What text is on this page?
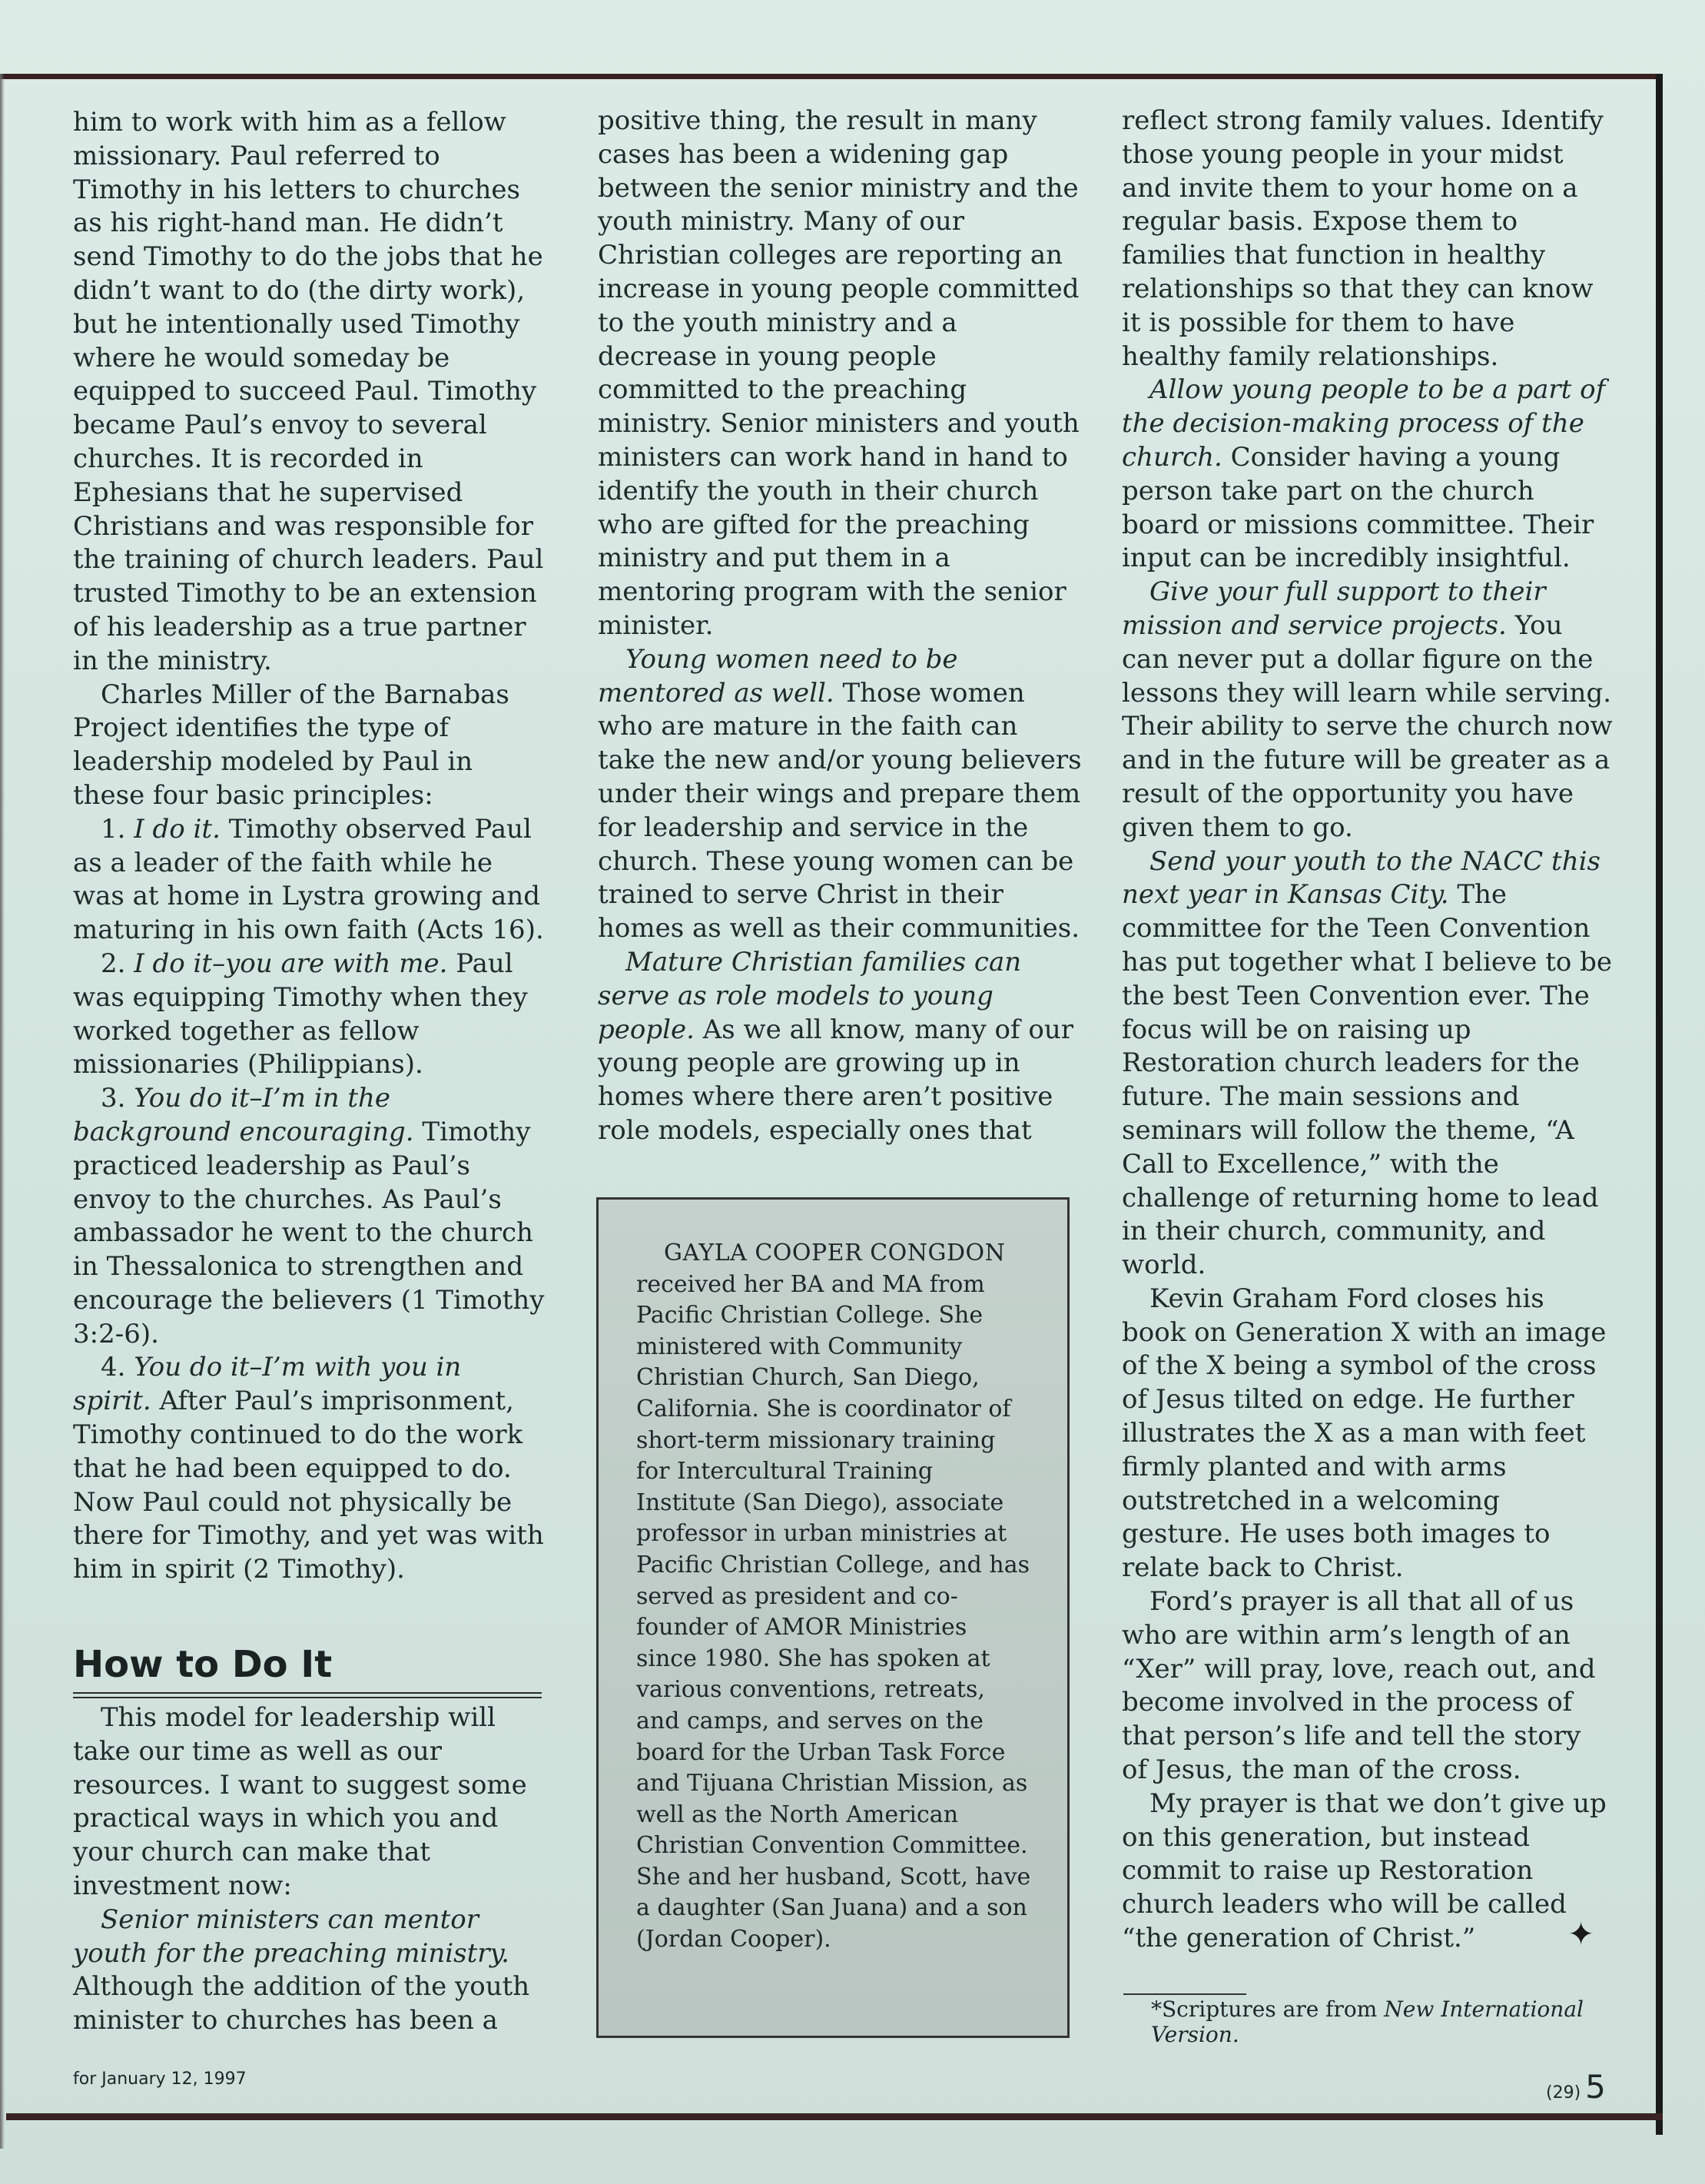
him to work with him as a fellow missionary. Paul referred to Timothy in his letters to churches as his right-hand man. He didn’t send Timothy to do the jobs that he didn’t want to do (the dirty work), but he intentionally used Timothy where he would someday be equipped to succeed Paul. Timothy became Paul’s envoy to several churches. It is recorded in Ephesians that he supervised Christians and was responsible for the training of church leaders. Paul trusted Timothy to be an extension of his leadership as a true partner in the ministry.

Charles Miller of the Barnabas Project identifies the type of leadership modeled by Paul in these four basic principles:

1. I do it. Timothy observed Paul as a leader of the faith while he was at home in Lystra growing and maturing in his own faith (Acts 16).

2. I do it–you are with me. Paul was equipping Timothy when they worked together as fellow missionaries (Philippians).

3. You do it–I’m in the background encouraging. Timothy practiced leadership as Paul’s envoy to the churches. As Paul’s ambassador he went to the church in Thessalonica to strengthen and encourage the believers (1 Timothy 3:2-6).

4. You do it–I’m with you in spirit. After Paul’s imprisonment, Timothy continued to do the work that he had been equipped to do. Now Paul could not physically be there for Timothy, and yet was with him in spirit (2 Timothy).

How to Do It

This model for leadership will take our time as well as our resources. I want to suggest some practical ways in which you and your church can make that investment now:

Senior ministers can mentor youth for the preaching ministry. Although the addition of the youth minister to churches has been a

positive thing, the result in many cases has been a widening gap between the senior ministry and the youth ministry. Many of our Christian colleges are reporting an increase in young people committed to the youth ministry and a decrease in young people committed to the preaching ministry. Senior ministers and youth ministers can work hand in hand to identify the youth in their church who are gifted for the preaching ministry and put them in a mentoring program with the senior minister.

Young women need to be mentored as well. Those women who are mature in the faith can take the new and/or young believers under their wings and prepare them for leadership and service in the church. These young women can be trained to serve Christ in their homes as well as their communities.

Mature Christian families can serve as role models to young people. As we all know, many of our young people are growing up in homes where there aren’t positive role models, especially ones that

GAYLA COOPER CONGDON
received her BA and MA from Pacific Christian College. She ministered with Community Christian Church, San Diego, California. She is coordinator of short-term missionary training for Intercultural Training Institute (San Diego), associate professor in urban ministries at Pacific Christian College, and has served as president and co-founder of AMOR Ministries since 1980. She has spoken at various conventions, retreats, and camps, and serves on the board for the Urban Task Force and Tijuana Christian Mission, as well as the North American Christian Convention Committee. She and her husband, Scott, have a daughter (San Juana) and a son (Jordan Cooper).

reflect strong family values. Identify those young people in your midst and invite them to your home on a regular basis. Expose them to families that function in healthy relationships so that they can know it is possible for them to have healthy family relationships.

Allow young people to be a part of the decision-making process of the church. Consider having a young person take part on the church board or missions committee. Their input can be incredibly insightful.

Give your full support to their mission and service projects. You can never put a dollar figure on the lessons they will learn while serving. Their ability to serve the church now and in the future will be greater as a result of the opportunity you have given them to go.

Send your youth to the NACC this next year in Kansas City. The committee for the Teen Convention has put together what I believe to be the best Teen Convention ever. The focus will be on raising up Restoration church leaders for the future. The main sessions and seminars will follow the theme, “A Call to Excellence,” with the challenge of returning home to lead in their church, community, and world.

Kevin Graham Ford closes his book on Generation X with an image of the X being a symbol of the cross of Jesus tilted on edge. He further illustrates the X as a man with feet firmly planted and with arms outstretched in a welcoming gesture. He uses both images to relate back to Christ.

Ford’s prayer is all that all of us who are within arm’s length of an “Xer” will pray, love, reach out, and become involved in the process of that person’s life and tell the story of Jesus, the man of the cross.

My prayer is that we don’t give up on this generation, but instead commit to raise up Restoration church leaders who will be called “the generation of Christ.”	✦
*Scriptures are from New International Version.
for January 12, 1997
(29) 5
